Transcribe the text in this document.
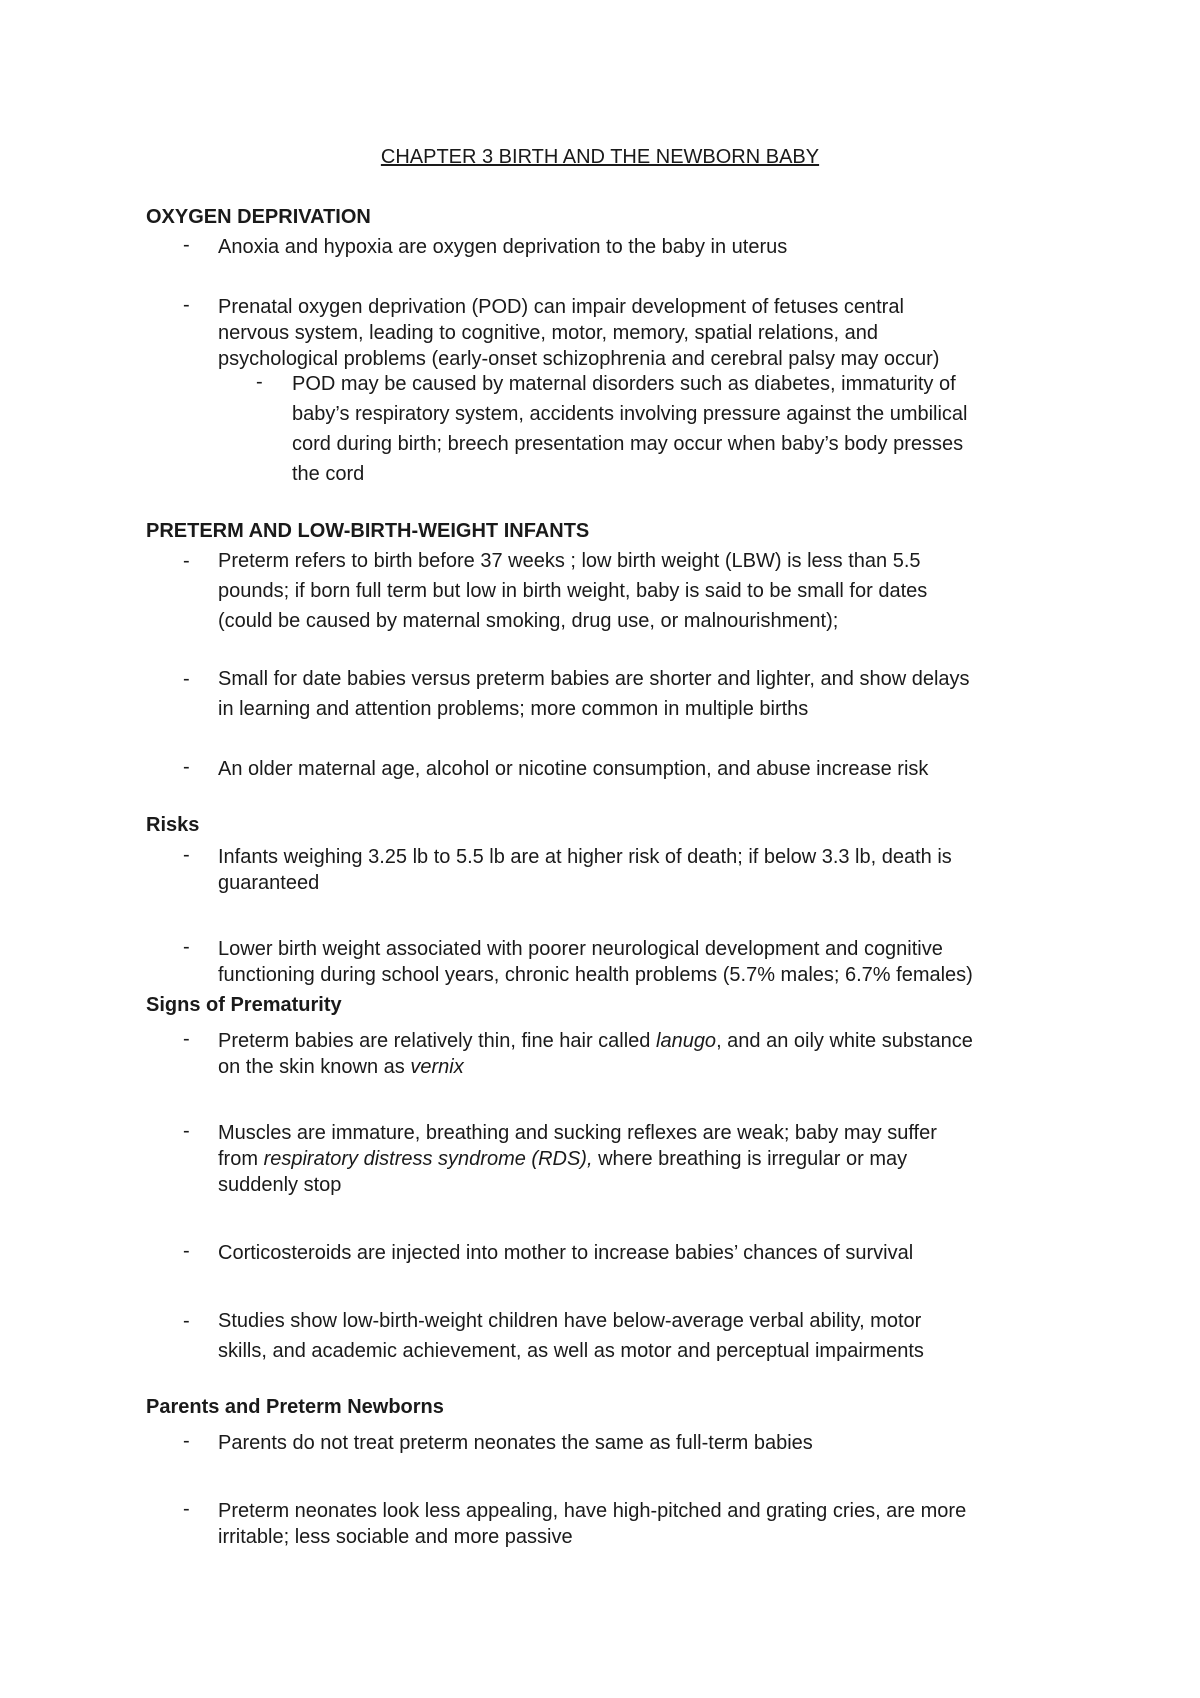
CHAPTER 3 BIRTH AND THE NEWBORN BABY
OXYGEN DEPRIVATION
- Anoxia and hypoxia are oxygen deprivation to the baby in uterus
- Prenatal oxygen deprivation (POD) can impair development of fetuses central
nervous system, leading to cognitive, motor, memory, spatial relations, and
psychological problems (early-onset schizophrenia and cerebral palsy may occur)
- POD may be caused by maternal disorders such as diabetes, immaturity of
baby’s respiratory system, accidents involving pressure against the umbilical
cord during birth; breech presentation may occur when baby’s body presses
the cord
PRETERM AND LOW-BIRTH-WEIGHT INFANTS
- Preterm refers to birth before 37 weeks ; low birth weight (LBW) is less than 5.5
pounds; if born full term but low in birth weight, baby is said to be small for dates
(could be caused by maternal smoking, drug use, or malnourishment);
- Small for date babies versus preterm babies are shorter and lighter, and show delays
in learning and attention problems; more common in multiple births
- An older maternal age, alcohol or nicotine consumption, and abuse increase risk
Risks
- Infants weighing 3.25 lb to 5.5 lb are at higher risk of death; if below 3.3 lb, death is
guaranteed
- Lower birth weight associated with poorer neurological development and cognitive
functioning during school years, chronic health problems (5.7% males; 6.7% females)
Signs of Prematurity
- Preterm babies are relatively thin, fine hair called lanugo, and an oily white substance
on the skin known as vernix
- Muscles are immature, breathing and sucking reflexes are weak; baby may suffer
from respiratory distress syndrome (RDS), where breathing is irregular or may
suddenly stop
- Corticosteroids are injected into mother to increase babies’ chances of survival
- Studies show low-birth-weight children have below-average verbal ability, motor
skills, and academic achievement, as well as motor and perceptual impairments
Parents and Preterm Newborns
- Parents do not treat preterm neonates the same as full-term babies
- Preterm neonates look less appealing, have high-pitched and grating cries, are more
irritable; less sociable and more passive
